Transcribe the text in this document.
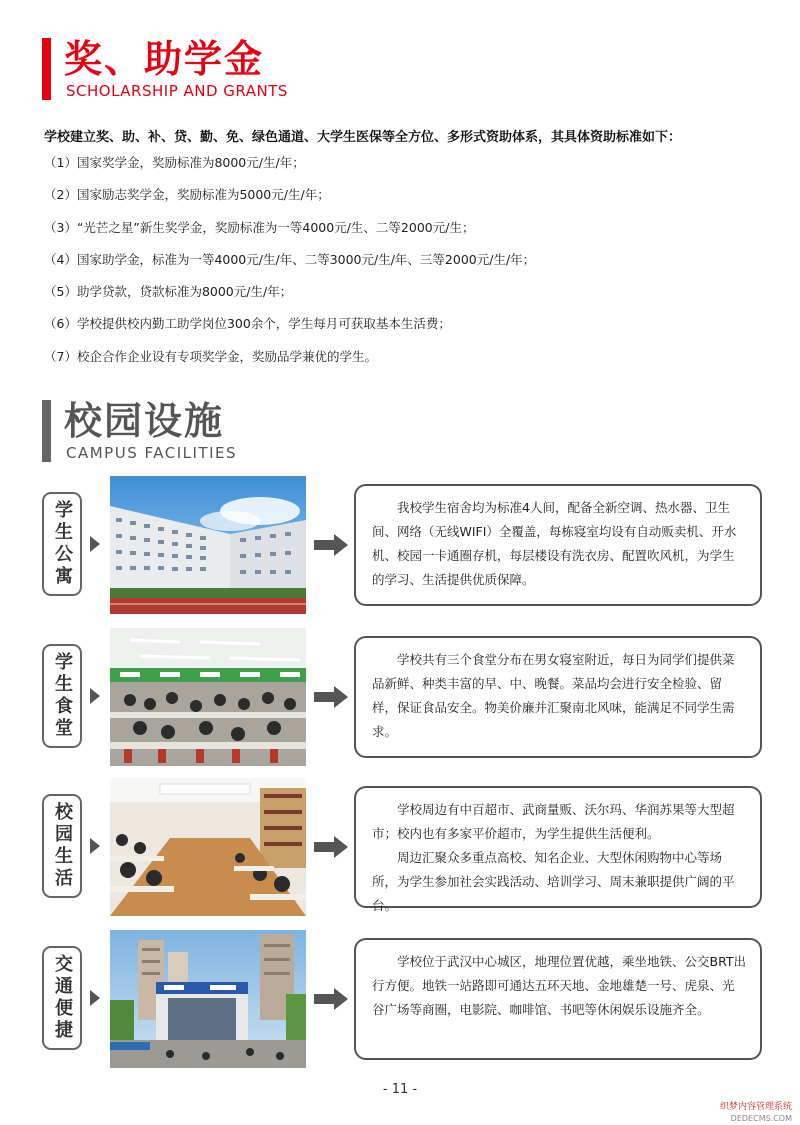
奖、助学金
SCHOLARSHIP AND GRANTS
学校建立奖、助、补、贷、勤、免、绿色通道、大学生医保等全方位、多形式资助体系，其具体资助标准如下：
（1）国家奖学金，奖励标准为8000元/生/年；
（2）国家励志奖学金，奖励标准为5000元/生/年；
（3）“光芒之星”新生奖学金，奖励标准为一等4000元/生、二等2000元/生；
（4）国家助学金，标准为一等4000元/生/年、二等3000元/生/年、三等2000元/生/年；
（5）助学贷款，贷款标准为8000元/生/年；
（6）学校提供校内勤工助学岗位300余个，学生每月可获取基本生活费；
（7）校企合作企业设有专项奖学金，奖励品学兼优的学生。
校园设施
CAMPUS FACILITIES
学生公寓	我校学生宿舍均为标准4人间，配备全新空调、热水器、卫生间、网络（无线WIFI）全覆盖，每栋寝室均设有自动贩卖机、开水机、校园一卡通圈存机，每层楼设有洗衣房、配置吹风机，为学生的学习、生活提供优质保障。

学生食堂	学校共有三个食堂分布在男女寝室附近，每日为同学们提供菜品新鲜、种类丰富的早、中、晚餐。菜品均会进行安全检验、留样，保证食品安全。物美价廉并汇聚南北风味，能满足不同学生需求。

校园生活	学校周边有中百超市、武商量贩、沃尔玛、华润苏果等大型超市；校内也有多家平价超市，为学生提供生活便利。

周边汇聚众多重点高校、知名企业、大型休闲购物中心等场所，为学生参加社会实践活动、培训学习、周末兼职提供广阔的平台。

交通便捷	学校位于武汉中心城区，地理位置优越，乘坐地铁、公交BRT出行方便。地铁一站路即可通达五环天地、金地雄楚一号、虎泉、光谷广场等商圈，电影院、咖啡馆、书吧等休闲娱乐设施齐全。

- 11 -
织梦内容管理系统
DEDECMS.COM
